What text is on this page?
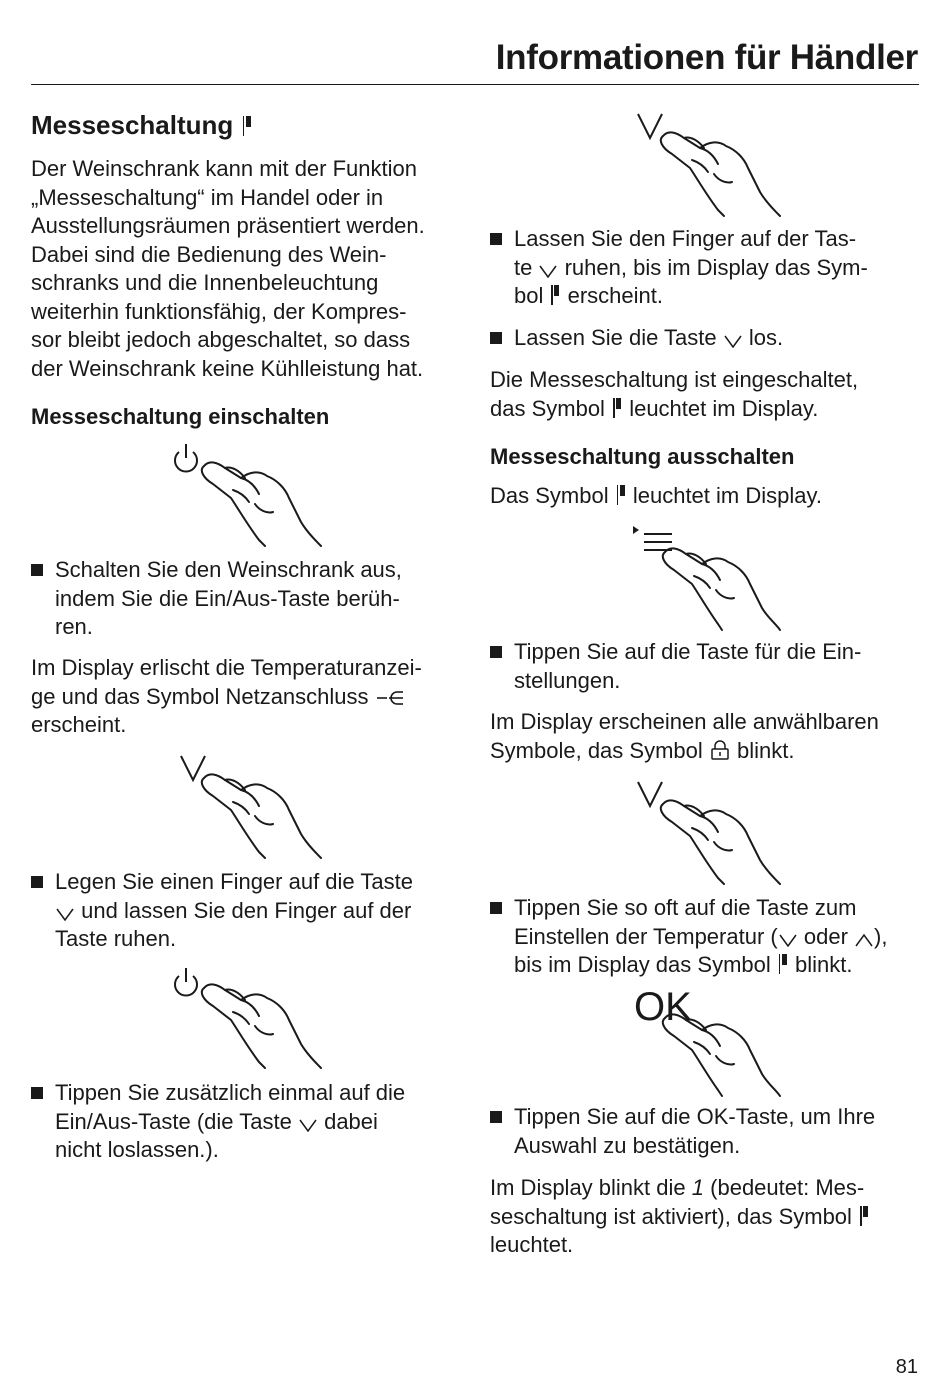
Informationen für Händler
Messeschaltung
Der Weinschrank kann mit der Funktion
„Messeschaltung“ im Handel oder in
Ausstellungsräumen präsentiert werden.
Dabei sind die Bedienung des Wein-
schranks und die Innenbeleuchtung
weiterhin funktionsfähig, der Kompres-
sor bleibt jedoch abgeschaltet, so dass
der Weinschrank keine Kühlleistung hat.
Messeschaltung einschalten
Schalten Sie den Weinschrank aus,
indem Sie die Ein/Aus-Taste berüh-
ren.
Im Display erlischt die Temperaturanzei-
ge und das Symbol Netzanschluss
erscheint.
Legen Sie einen Finger auf die Taste
und lassen Sie den Finger auf der
Taste ruhen.
Tippen Sie zusätzlich einmal auf die
Ein/Aus-Taste (die Taste dabei
nicht loslassen.).
Lassen Sie den Finger auf der Tas-
te ruhen, bis im Display das Sym-
bol erscheint.
Lassen Sie die Taste los.
Die Messeschaltung ist eingeschaltet,
das Symbol leuchtet im Display.
Messeschaltung ausschalten
Das Symbol leuchtet im Display.
Tippen Sie auf die Taste für die Ein-
stellungen.
Im Display erscheinen alle anwählbaren
Symbole, das Symbol blinkt.
Tippen Sie so oft auf die Taste zum
Einstellen der Temperatur ( oder ),
bis im Display das Symbol blinkt.
OK
Tippen Sie auf die OK-Taste, um Ihre
Auswahl zu bestätigen.
Im Display blinkt die 1 (bedeutet: Mes-
seschaltung ist aktiviert), das Symbol
leuchtet.

81
